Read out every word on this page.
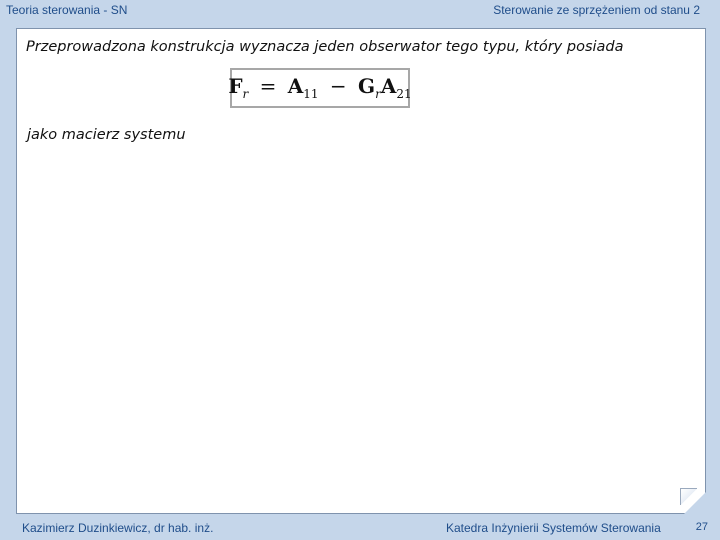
Teoria sterowania - SN	Sterowanie ze sprzężeniem od stanu 2
Przeprowadzona konstrukcja wyznacza jeden obserwator tego typu, który posiada
$F_r = A_{11} - G_rA_{21}$
jako macierz systemu
Kazimierz Duzinkiewicz, dr hab. inż.	Katedra Inżynierii Systemów Sterowania	27
